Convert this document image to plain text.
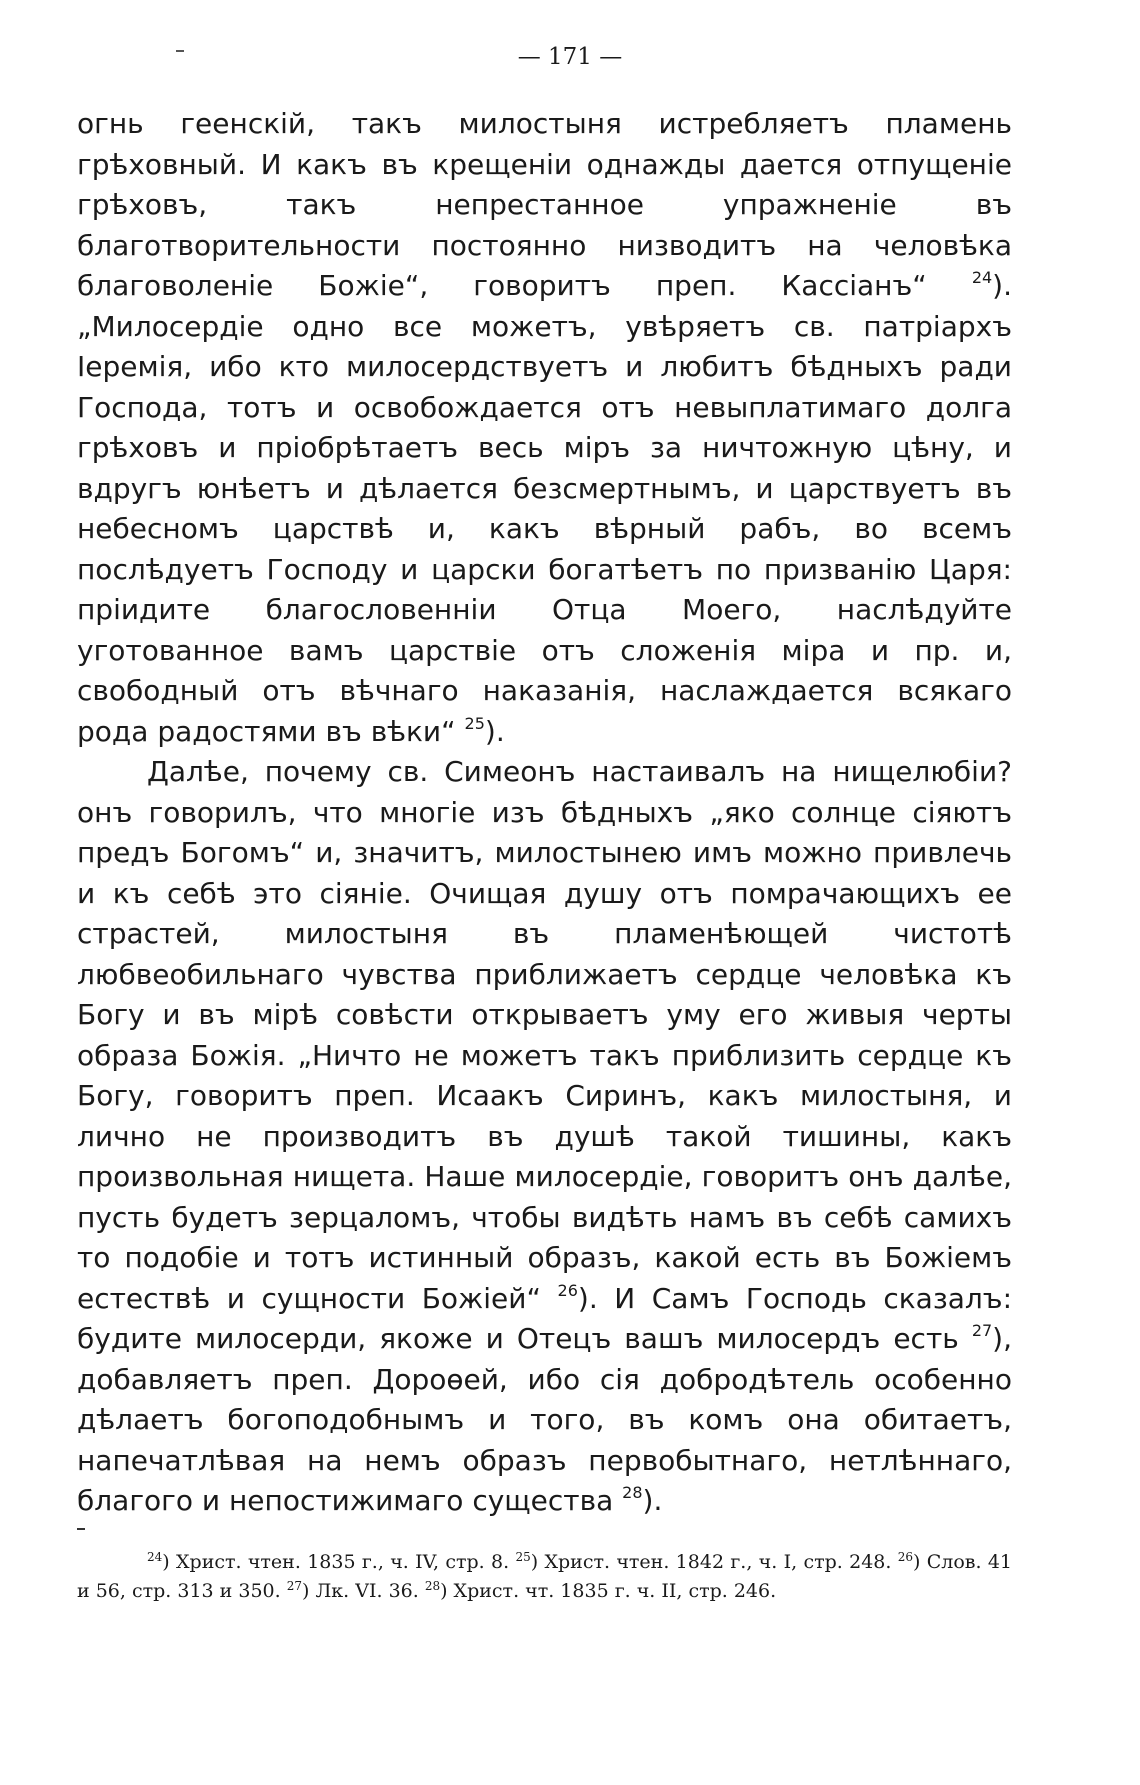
— 171 —

огнь геенскій, такъ милостыня истребляетъ пламень грѣховный. И какъ въ крещеніи однажды дается отпущеніе грѣховъ, такъ непрестанное упражненіе въ благотворительности постоянно низводитъ на человѣка благоволеніе Божіе“, говоритъ преп. Кассіанъ“ $^{24}$). „Милосердіе одно все можетъ, увѣряетъ св. патріархъ Іеремія, ибо кто милосердствуетъ и любитъ бѣдныхъ ради Господа, тотъ и освобождается отъ невыплатимаго долга грѣховъ и пріобрѣтаетъ весь міръ за ничтожную цѣну, и вдругъ юнѣетъ и дѣлается безсмертнымъ, и царствуетъ въ небесномъ царствѣ и, какъ вѣрный рабъ, во всемъ послѣдуетъ Господу и царски богатѣетъ по призванію Царя: пріидите благословенніи Отца Моего, наслѣдуйте уготованное вамъ царствіе отъ сложенія міра и пр. и, свободный отъ вѣчнаго наказанія, наслаждается всякаго рода радостями въ вѣки“ $^{25}$).

Далѣе, почему св. Симеонъ настаивалъ на нищелюбіи? онъ говорилъ, что многіе изъ бѣдныхъ „яко солнце сіяютъ предъ Богомъ“ и, значитъ, милостынею имъ можно привлечь и къ себѣ это сіяніе. Очищая душу отъ помрачающихъ ее страстей, милостыня въ пламенѣющей чистотѣ любвеобильнаго чувства приближаетъ сердце человѣка къ Богу и въ мірѣ совѣсти открываетъ уму его живыя черты образа Божія. „Ничто не можетъ такъ приблизить сердце къ Богу, говоритъ преп. Исаакъ Сиринъ, какъ милостыня, и лично не производитъ въ душѣ такой тишины, какъ произвольная нищета. Наше милосердіе, говоритъ онъ далѣе, пусть будетъ зерцаломъ, чтобы видѣть намъ въ себѣ самихъ то подобіе и тотъ истинный образъ, какой есть въ Божіемъ естествѣ и сущности Божіей“ $^{26}$). И Самъ Господь сказалъ: будите милосерди, якоже и Отецъ вашъ милосердъ есть $^{27}$), добавляетъ преп. Дороѳей, ибо сія добродѣтель особенно дѣлаетъ богоподобнымъ и того, въ комъ она обитаетъ, напечатлѣвая на немъ образъ первобытнаго, нетлѣннаго, благого и непостижимаго существа $^{28}$).

$^{24}$) Христ. чтен. 1835 г., ч. IV, стр. 8. $^{25}$) Христ. чтен. 1842 г., ч. I, стр. 248. $^{26}$) Слов. 41 и 56, стр. 313 и 350. $^{27}$) Лк. VI. 36. $^{28}$) Христ. чт. 1835 г. ч. II, стр. 246.
